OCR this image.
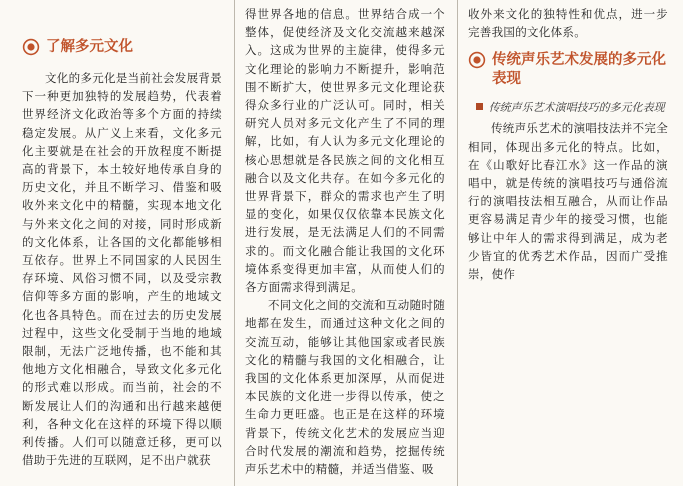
了解多元文化

文化的多元化是当前社会发展背景下一种更加独特的发展趋势，代表着世界经济文化政治等多个方面的持续稳定发展。从广义上来看，文化多元化主要就是在社会的开放程度不断提高的背景下，本土较好地传承自身的历史文化，并且不断学习、借鉴和吸收外来文化中的精髓，实现本地文化与外来文化之间的对接，同时形成新的文化体系，让各国的文化都能够相互依存。世界上不同国家的人民因生存环境、风俗习惯不同，以及受宗教信仰等多方面的影响，产生的地域文化也各具特色。而在过去的历史发展过程中，这些文化受制于当地的地域限制，无法广泛地传播，也不能和其他地方文化相融合，导致文化多元化的形式难以形成。而当前，社会的不断发展让人们的沟通和出行越来越便利，各种文化在这样的环境下得以顺利传播。人们可以随意迁移，更可以借助于先进的互联网，足不出户就获

得世界各地的信息。世界结合成一个整体，促使经济及文化交流越来越深入。这成为世界的主旋律，使得多元文化理论的影响力不断提升，影响范围不断扩大，使世界多元文化理论获得众多行业的广泛认可。同时，相关研究人员对多元文化产生了不同的理解，比如，有人认为多元文化理论的核心思想就是各民族之间的文化相互融合以及文化共存。在如今多元化的世界背景下，群众的需求也产生了明显的变化，如果仅仅依靠本民族文化进行发展，是无法满足人们的不同需求的。而文化融合能让我国的文化环境体系变得更加丰富，从而使人们的各方面需求得到满足。

不同文化之间的交流和互动随时随地都在发生，而通过这种文化之间的交流互动，能够让其他国家或者民族文化的精髓与我国的文化相融合，让我国的文化体系更加深厚，从而促进本民族的文化进一步得以传承，使之生命力更旺盛。也正是在这样的环境背景下，传统文化艺术的发展应当迎合时代发展的潮流和趋势，挖掘传统声乐艺术中的精髓，并适当借鉴、吸

收外来文化的独特性和优点，进一步完善我国的文化体系。

传统声乐艺术发展的多元化表现

传统声乐艺术演唱技巧的多元化表现

传统声乐艺术的演唱技法并不完全相同，体现出多元化的特点。比如，在《山歌好比春江水》这一作品的演唱中，就是传统的演唱技巧与通俗流行的演唱技法相互融合，从而让作品更容易满足青少年的接受习惯，也能够让中年人的需求得到满足，成为老少皆宜的优秀艺术作品，因而广受推崇，使作
